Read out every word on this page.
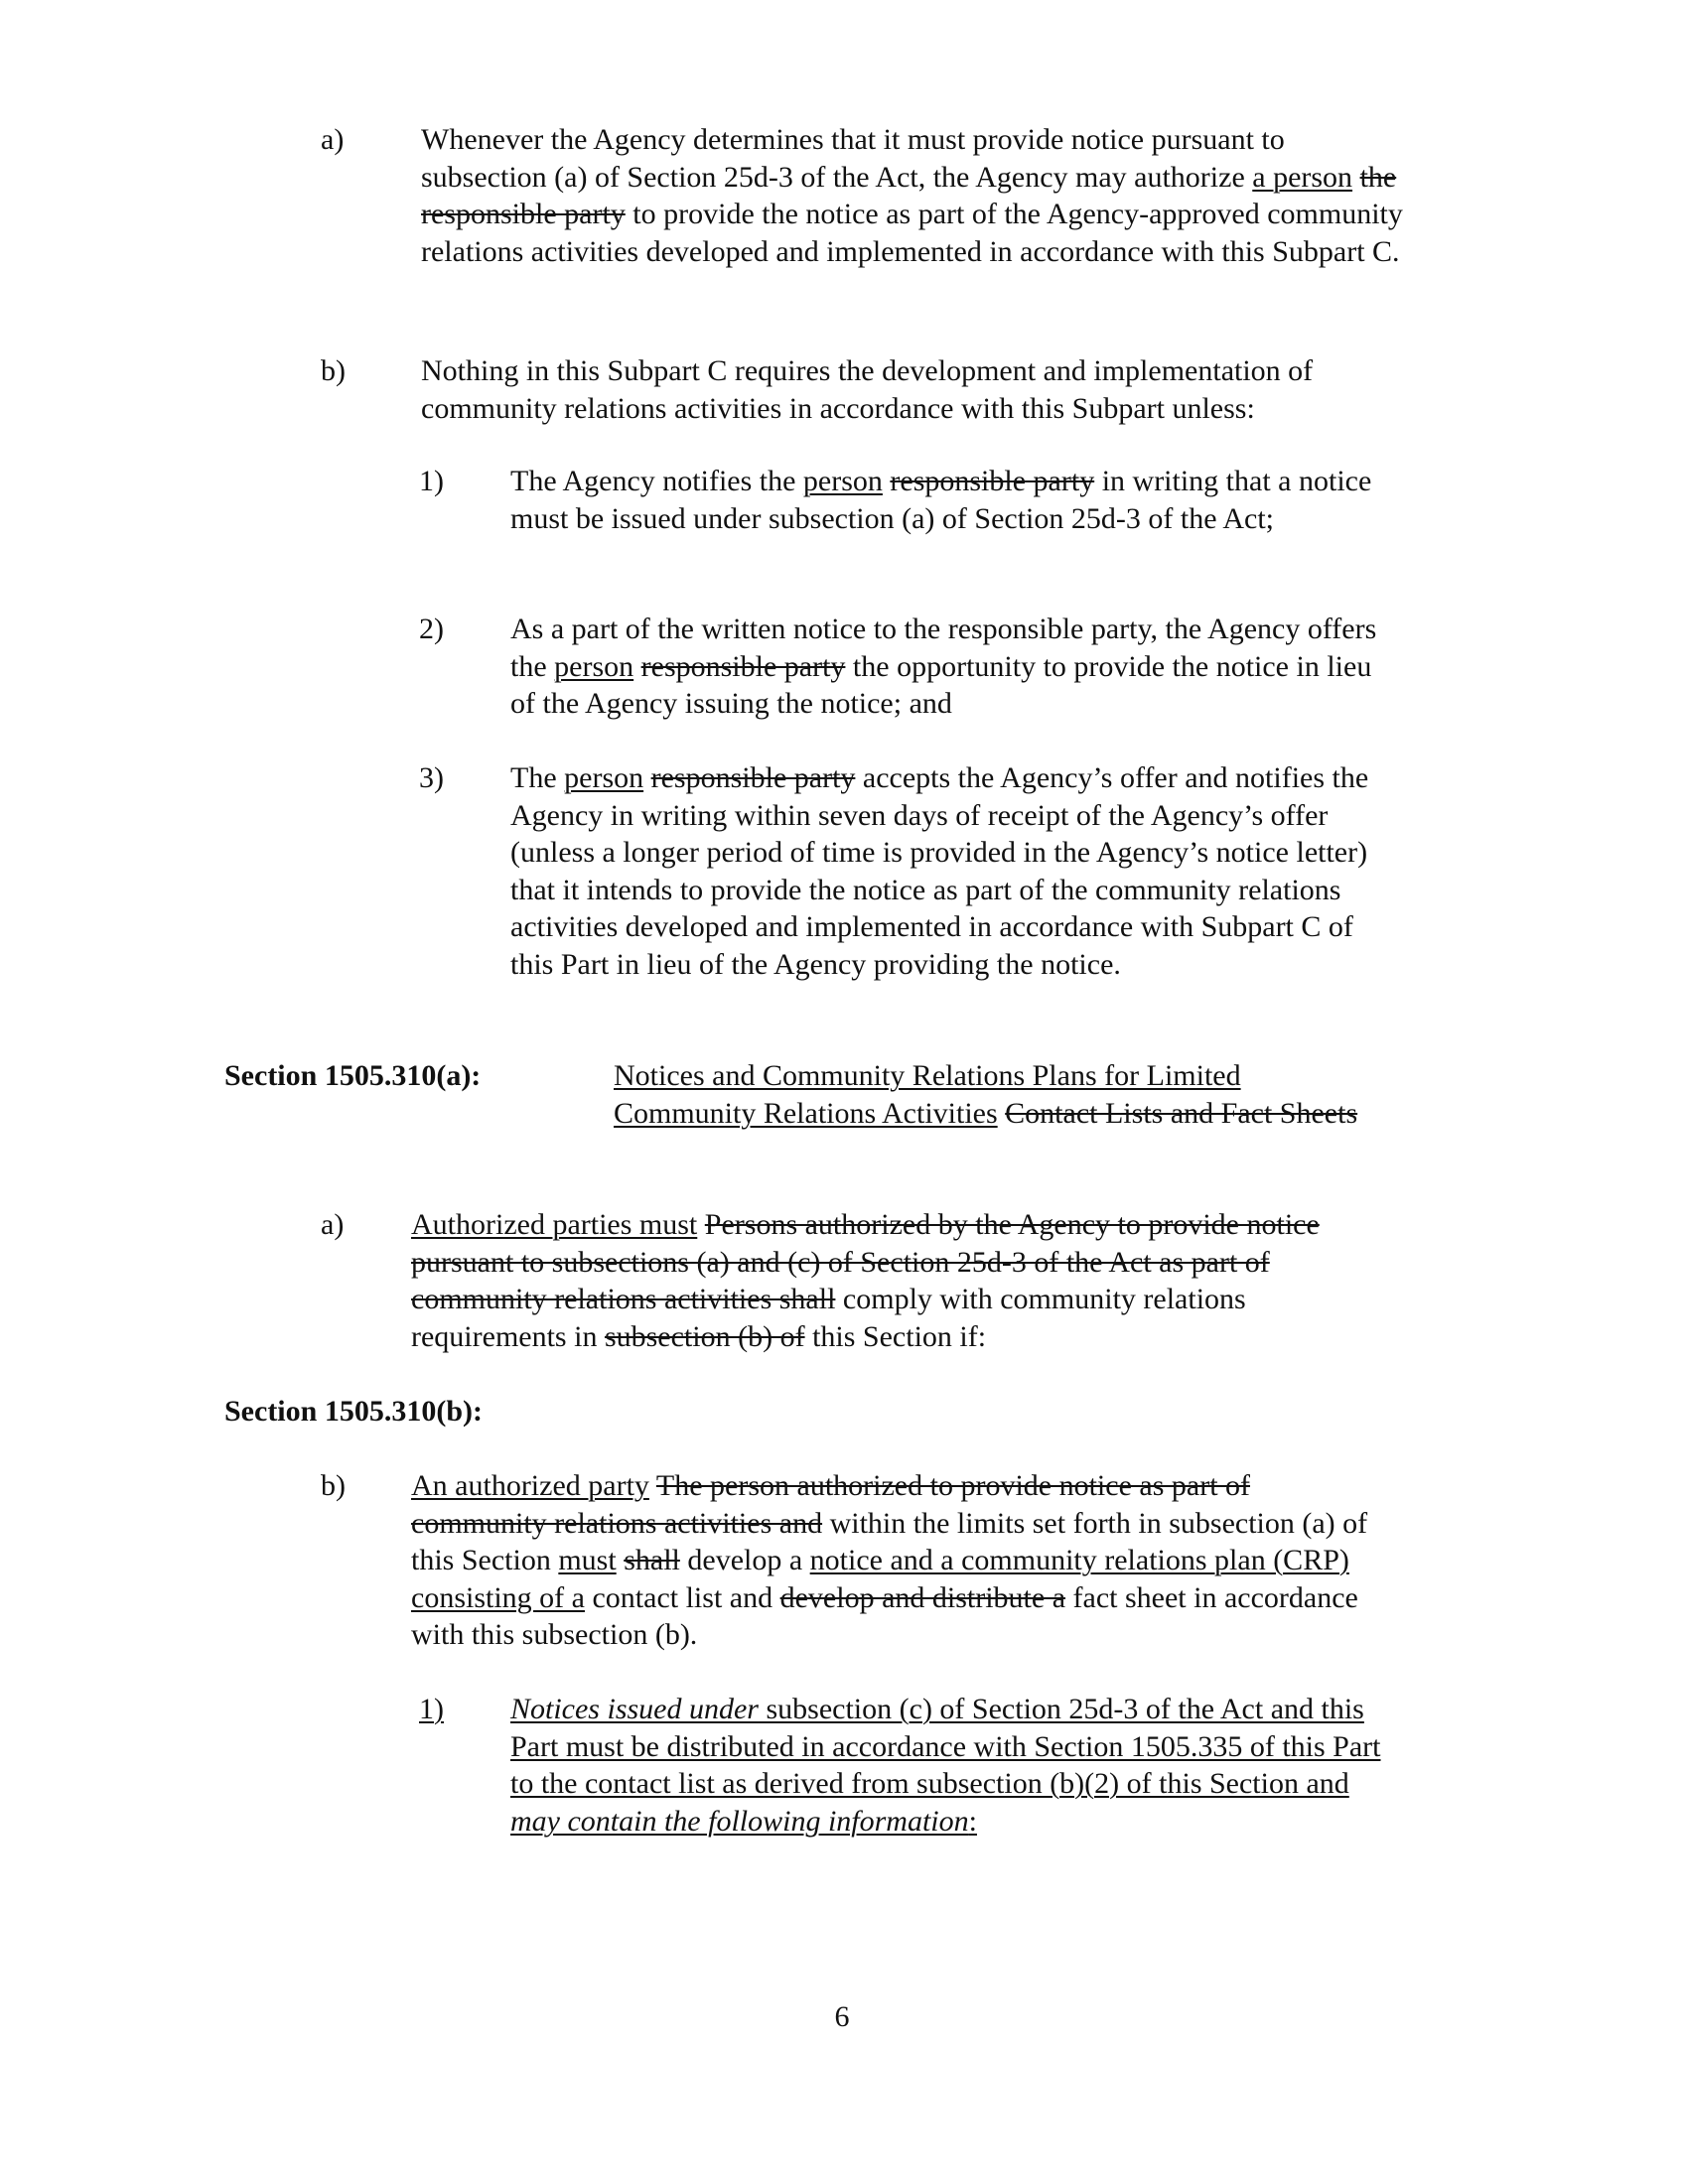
a)	Whenever the Agency determines that it must provide notice pursuant to subsection (a) of Section 25d-3 of the Act, the Agency may authorize a person the responsible party to provide the notice as part of the Agency-approved community relations activities developed and implemented in accordance with this Subpart C.
b)	Nothing in this Subpart C requires the development and implementation of community relations activities in accordance with this Subpart unless:
1) The Agency notifies the person responsible party in writing that a notice must be issued under subsection (a) of Section 25d-3 of the Act;
2) As a part of the written notice to the responsible party, the Agency offers the person responsible party the opportunity to provide the notice in lieu of the Agency issuing the notice; and
3) The person responsible party accepts the Agency’s offer and notifies the Agency in writing within seven days of receipt of the Agency’s offer (unless a longer period of time is provided in the Agency’s notice letter) that it intends to provide the notice as part of the community relations activities developed and implemented in accordance with Subpart C of this Part in lieu of the Agency providing the notice.
Section 1505.310(a):	Notices and Community Relations Plans for Limited Community Relations Activities Contact Lists and Fact Sheets
a) Authorized parties must Persons authorized by the Agency to provide notice pursuant to subsections (a) and (c) of Section 25d-3 of the Act as part of community relations activities shall comply with community relations requirements in subsection (b) of this Section if:
Section 1505.310(b):
b) An authorized party The person authorized to provide notice as part of community relations activities and within the limits set forth in subsection (a) of this Section must shall develop a notice and a community relations plan (CRP) consisting of a contact list and develop and distribute a fact sheet in accordance with this subsection (b).
1)	Notices issued under subsection (c) of Section 25d-3 of the Act and this Part must be distributed in accordance with Section 1505.335 of this Part to the contact list as derived from subsection (b)(2) of this Section and may contain the following information:
6
